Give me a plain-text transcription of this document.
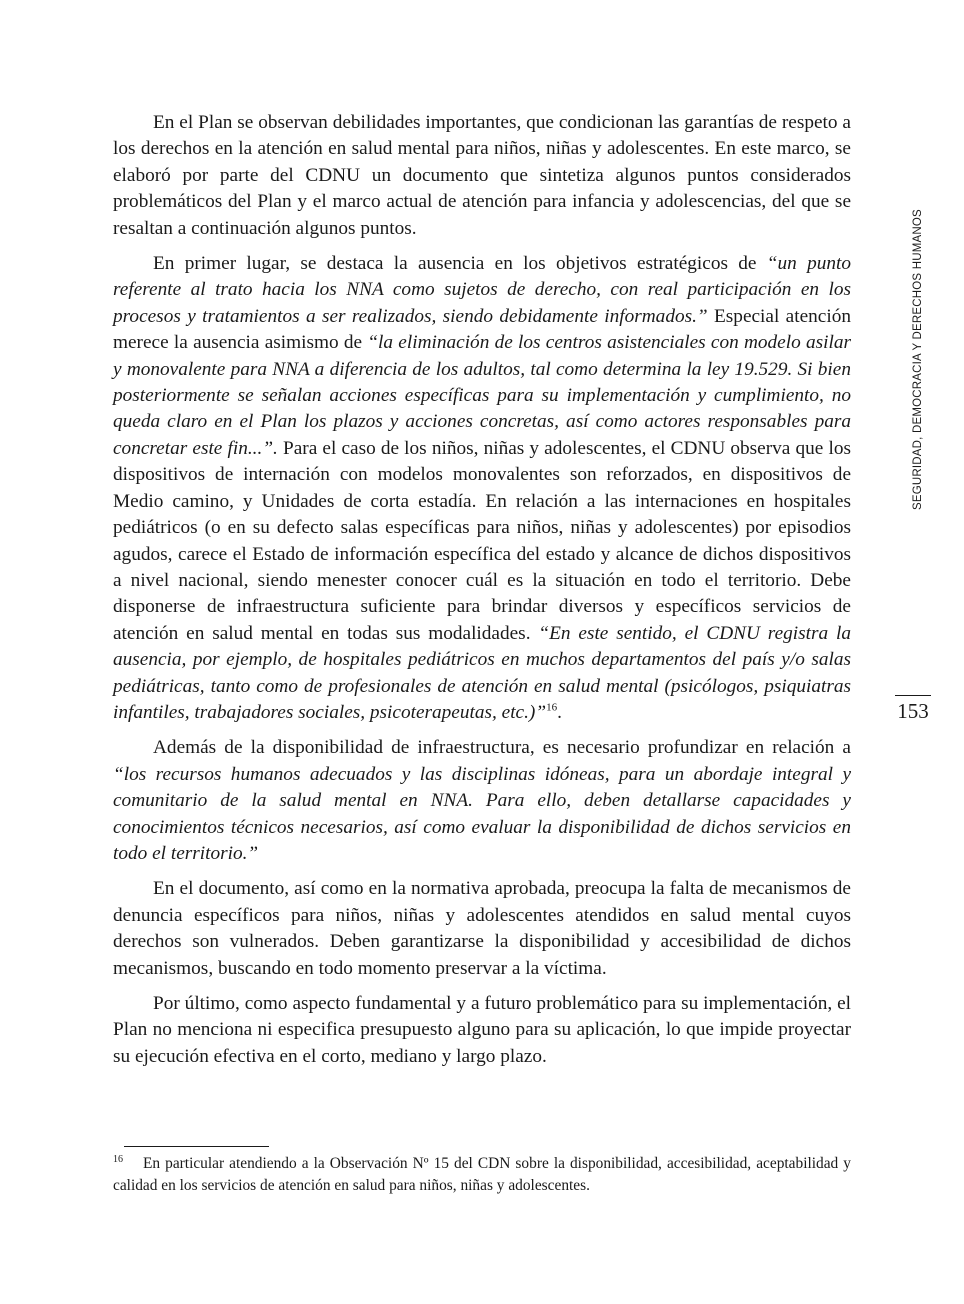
En el Plan se observan debilidades importantes, que condicionan las garantías de respeto a los derechos en la atención en salud mental para niños, niñas y adolescentes. En este marco, se elaboró por parte del CDNU un documento que sintetiza algunos puntos considerados problemáticos del Plan y el marco actual de atención para infancia y adolescencias, del que se resaltan a continuación algunos puntos.

En primer lugar, se destaca la ausencia en los objetivos estratégicos de “un punto referente al trato hacia los NNA como sujetos de derecho, con real participación en los procesos y tratamientos a ser realizados, siendo debidamente informados.” Especial atención merece la ausencia asimismo de “la eliminación de los centros asistenciales con modelo asilar y monovalente para NNA a diferencia de los adultos, tal como determina la ley 19.529. Si bien posteriormente se señalan acciones específicas para su implementación y cumplimiento, no queda claro en el Plan los plazos y acciones concretas, así como actores responsables para concretar este fin...”. Para el caso de los niños, niñas y adolescentes, el CDNU observa que los dispositivos de internación con modelos monovalentes son reforzados, en dispositivos de Medio camino, y Unidades de corta estadía. En relación a las internaciones en hospitales pediátricos (o en su defecto salas específicas para niños, niñas y adolescentes) por episodios agudos, carece el Estado de información específica del estado y alcance de dichos dispositivos a nivel nacional, siendo menester conocer cuál es la situación en todo el territorio. Debe disponerse de infraestructura suficiente para brindar diversos y específicos servicios de atención en salud mental en todas sus modalidades. “En este sentido, el CDNU registra la ausencia, por ejemplo, de hospitales pediátricos en muchos departamentos del país y/o salas pediátricas, tanto como de profesionales de atención en salud mental (psicólogos, psiquiatras infantiles, trabajadores sociales, psicoterapeutas, etc.)”$^{16}$.

Además de la disponibilidad de infraestructura, es necesario profundizar en relación a “los recursos humanos adecuados y las disciplinas idóneas, para un abordaje integral y comunitario de la salud mental en NNA. Para ello, deben detallarse capacidades y conocimientos técnicos necesarios, así como evaluar la disponibilidad de dichos servicios en todo el territorio.”

En el documento, así como en la normativa aprobada, preocupa la falta de mecanismos de denuncia específicos para niños, niñas y adolescentes atendidos en salud mental cuyos derechos son vulnerados. Deben garantizarse la disponibilidad y accesibilidad de dichos mecanismos, buscando en todo momento preservar a la víctima.

Por último, como aspecto fundamental y a futuro problemático para su implementación, el Plan no menciona ni especifica presupuesto alguno para su aplicación, lo que impide proyectar su ejecución efectiva en el corto, mediano y largo plazo.

SEGURIDAD, DEMOCRACIA Y DERECHOS HUMANOS
153
16 En particular atendiendo a la Observación Nº 15 del CDN sobre la disponibilidad, accesibilidad, aceptabilidad y calidad en los servicios de atención en salud para niños, niñas y adolescentes.
